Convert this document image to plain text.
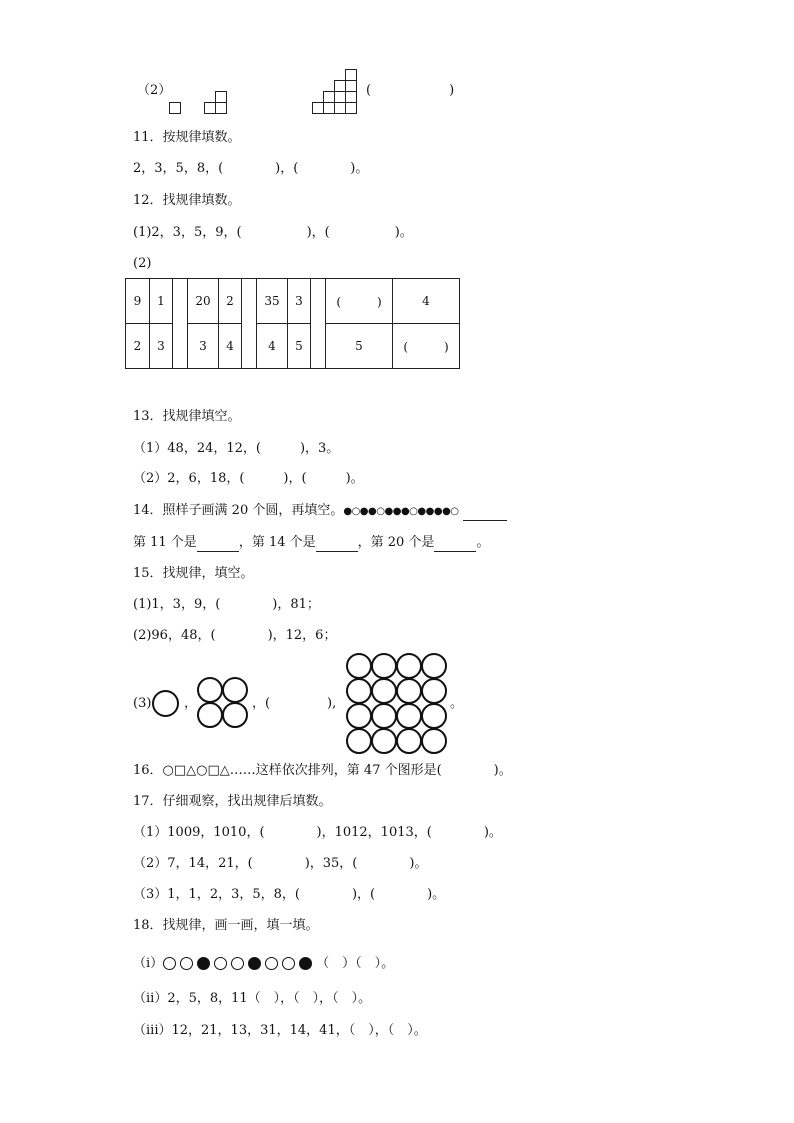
（2）	(　　　　　　)
11．按规律填数。
2，3，5，8，(　　　　)，(　　　　)。
12．找规律填数。
(1)2，3，5，9，(　　　　　)，(　　　　　)。
(2)
9	1		20	2		35	3		(　　　)	4
2	3		3	4		4	5		5	(　　　)
13．找规律填空。
（1）48，24，12，(　　　)，3。
（2）2，6，18，(　　　)，(　　　)。
14．照样子画满 20 个圆，再填空。●○●●○●●●○●●●●○
第 11 个是	，第 14 个是	，第 20 个是	。
15．找规律，填空。
(1)1，3，9，(　　　　)，81；
(2)96，48，(　　　　)，12，6；
(3)	，	，(	),	。
16．○□△○□△……这样依次排列，第 47 个图形是(　　　　)。
17．仔细观察，找出规律后填数。
（1）1009，1010，(　　　　)，1012，1013，(　　　　)。
（2）7，14，21，(　　　　)，35，(　　　　)。
（3）1，1，2，3，5，8，(　　　　)，(　　　　)。
18．找规律，画一画，填一填。
（i）	（　）（　）。
（ii）2，5，8，11（　），（　），（　）。
（iii）12，21，13，31，14，41，（　），（　）。
